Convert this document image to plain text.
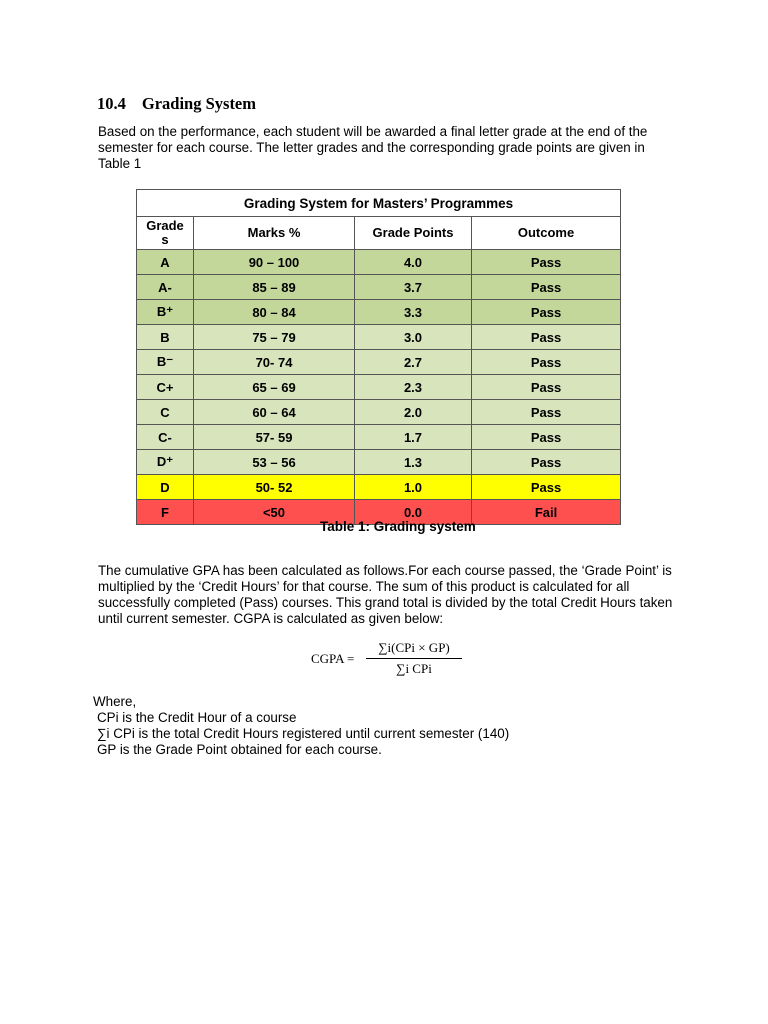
10.4 Grading System
Based on the performance, each student will be awarded a final letter grade at the end of the
semester for each course. The letter grades and the corresponding grade points are given in
Table 1
Grading System for Masters’ Programmes			
Grade
s	Marks %	Grade Points	Outcome
A	90 – 100	4.0	Pass
A-	85 – 89	3.7	Pass
B⁺	80 – 84	3.3	Pass
B	75 – 79	3.0	Pass
B⁻	70- 74	2.7	Pass
C+	65 – 69	2.3	Pass
C	60 – 64	2.0	Pass
C-	57- 59	1.7	Pass
D⁺	53 – 56	1.3	Pass
D	50- 52	1.0	Pass
F	<50	0.0	Fail
Table 1: Grading system
The cumulative GPA has been calculated as follows.For each course passed, the ‘Grade Point’ is
multiplied by the ‘Credit Hours’ for that course. The sum of this product is calculated for all
successfully completed (Pass) courses. This grand total is divided by the total Credit Hours taken
until current semester. CGPA is calculated as given below:
CGPA =
∑i(CPi × GP)
∑i CPi
Where,
CPi is the Credit Hour of a course
∑i CPi is the total Credit Hours registered until current semester (140)
GP is the Grade Point obtained for each course.
